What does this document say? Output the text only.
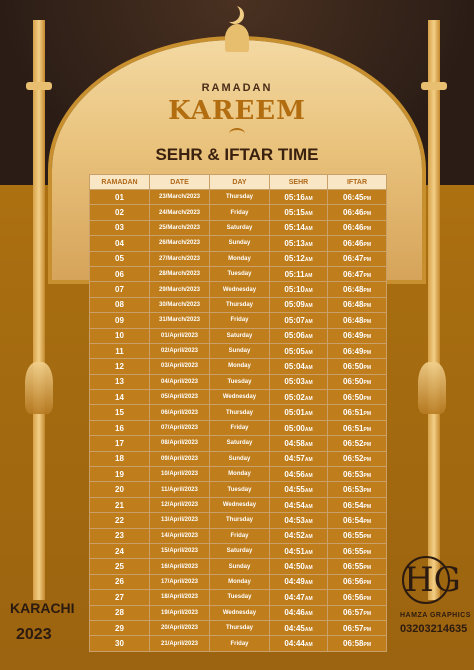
RAMADAN
KAREEM
SEHR & IFTAR TIME
RAMADAN	DATE	DAY	SEHR	IFTAR
01	23/March/2023	Thursday	05:16AM	06:45PM
02	24/March/2023	Friday	05:15AM	06:46PM
03	25/March/2023	Saturday	05:14AM	06:46PM
04	26/March/2023	Sunday	05:13AM	06:46PM
05	27/March/2023	Monday	05:12AM	06:47PM
06	28/March/2023	Tuesday	05:11AM	06:47PM
07	29/March/2023	Wednesday	05:10AM	06:48PM
08	30/March/2023	Thursday	05:09AM	06:48PM
09	31/March/2023	Friday	05:07AM	06:48PM
10	01/April/2023	Saturday	05:06AM	06:49PM
11	02/April/2023	Sunday	05:05AM	06:49PM
12	03/April/2023	Monday	05:04AM	06:50PM
13	04/April/2023	Tuesday	05:03AM	06:50PM
14	05/April/2023	Wednesday	05:02AM	06:50PM
15	06/April/2023	Thursday	05:01AM	06:51PM
16	07/April/2023	Friday	05:00AM	06:51PM
17	08/April/2023	Saturday	04:58AM	06:52PM
18	09/April/2023	Sunday	04:57AM	06:52PM
19	10/April/2023	Monday	04:56AM	06:53PM
20	11/April/2023	Tuesday	04:55AM	06:53PM
21	12/April/2023	Wednesday	04:54AM	06:54PM
22	13/April/2023	Thursday	04:53AM	06:54PM
23	14/April/2023	Friday	04:52AM	06:55PM
24	15/April/2023	Saturday	04:51AM	06:55PM
25	16/April/2023	Sunday	04:50AM	06:55PM
26	17/April/2023	Monday	04:49AM	06:56PM
27	18/April/2023	Tuesday	04:47AM	06:56PM
28	19/April/2023	Wednesday	04:46AM	06:57PM
29	20/April/2023	Thursday	04:45AM	06:57PM
30	21/April/2023	Friday	04:44AM	06:58PM
KARACHI
2023
HG
HAMZA GRAPHICS
03203214635
